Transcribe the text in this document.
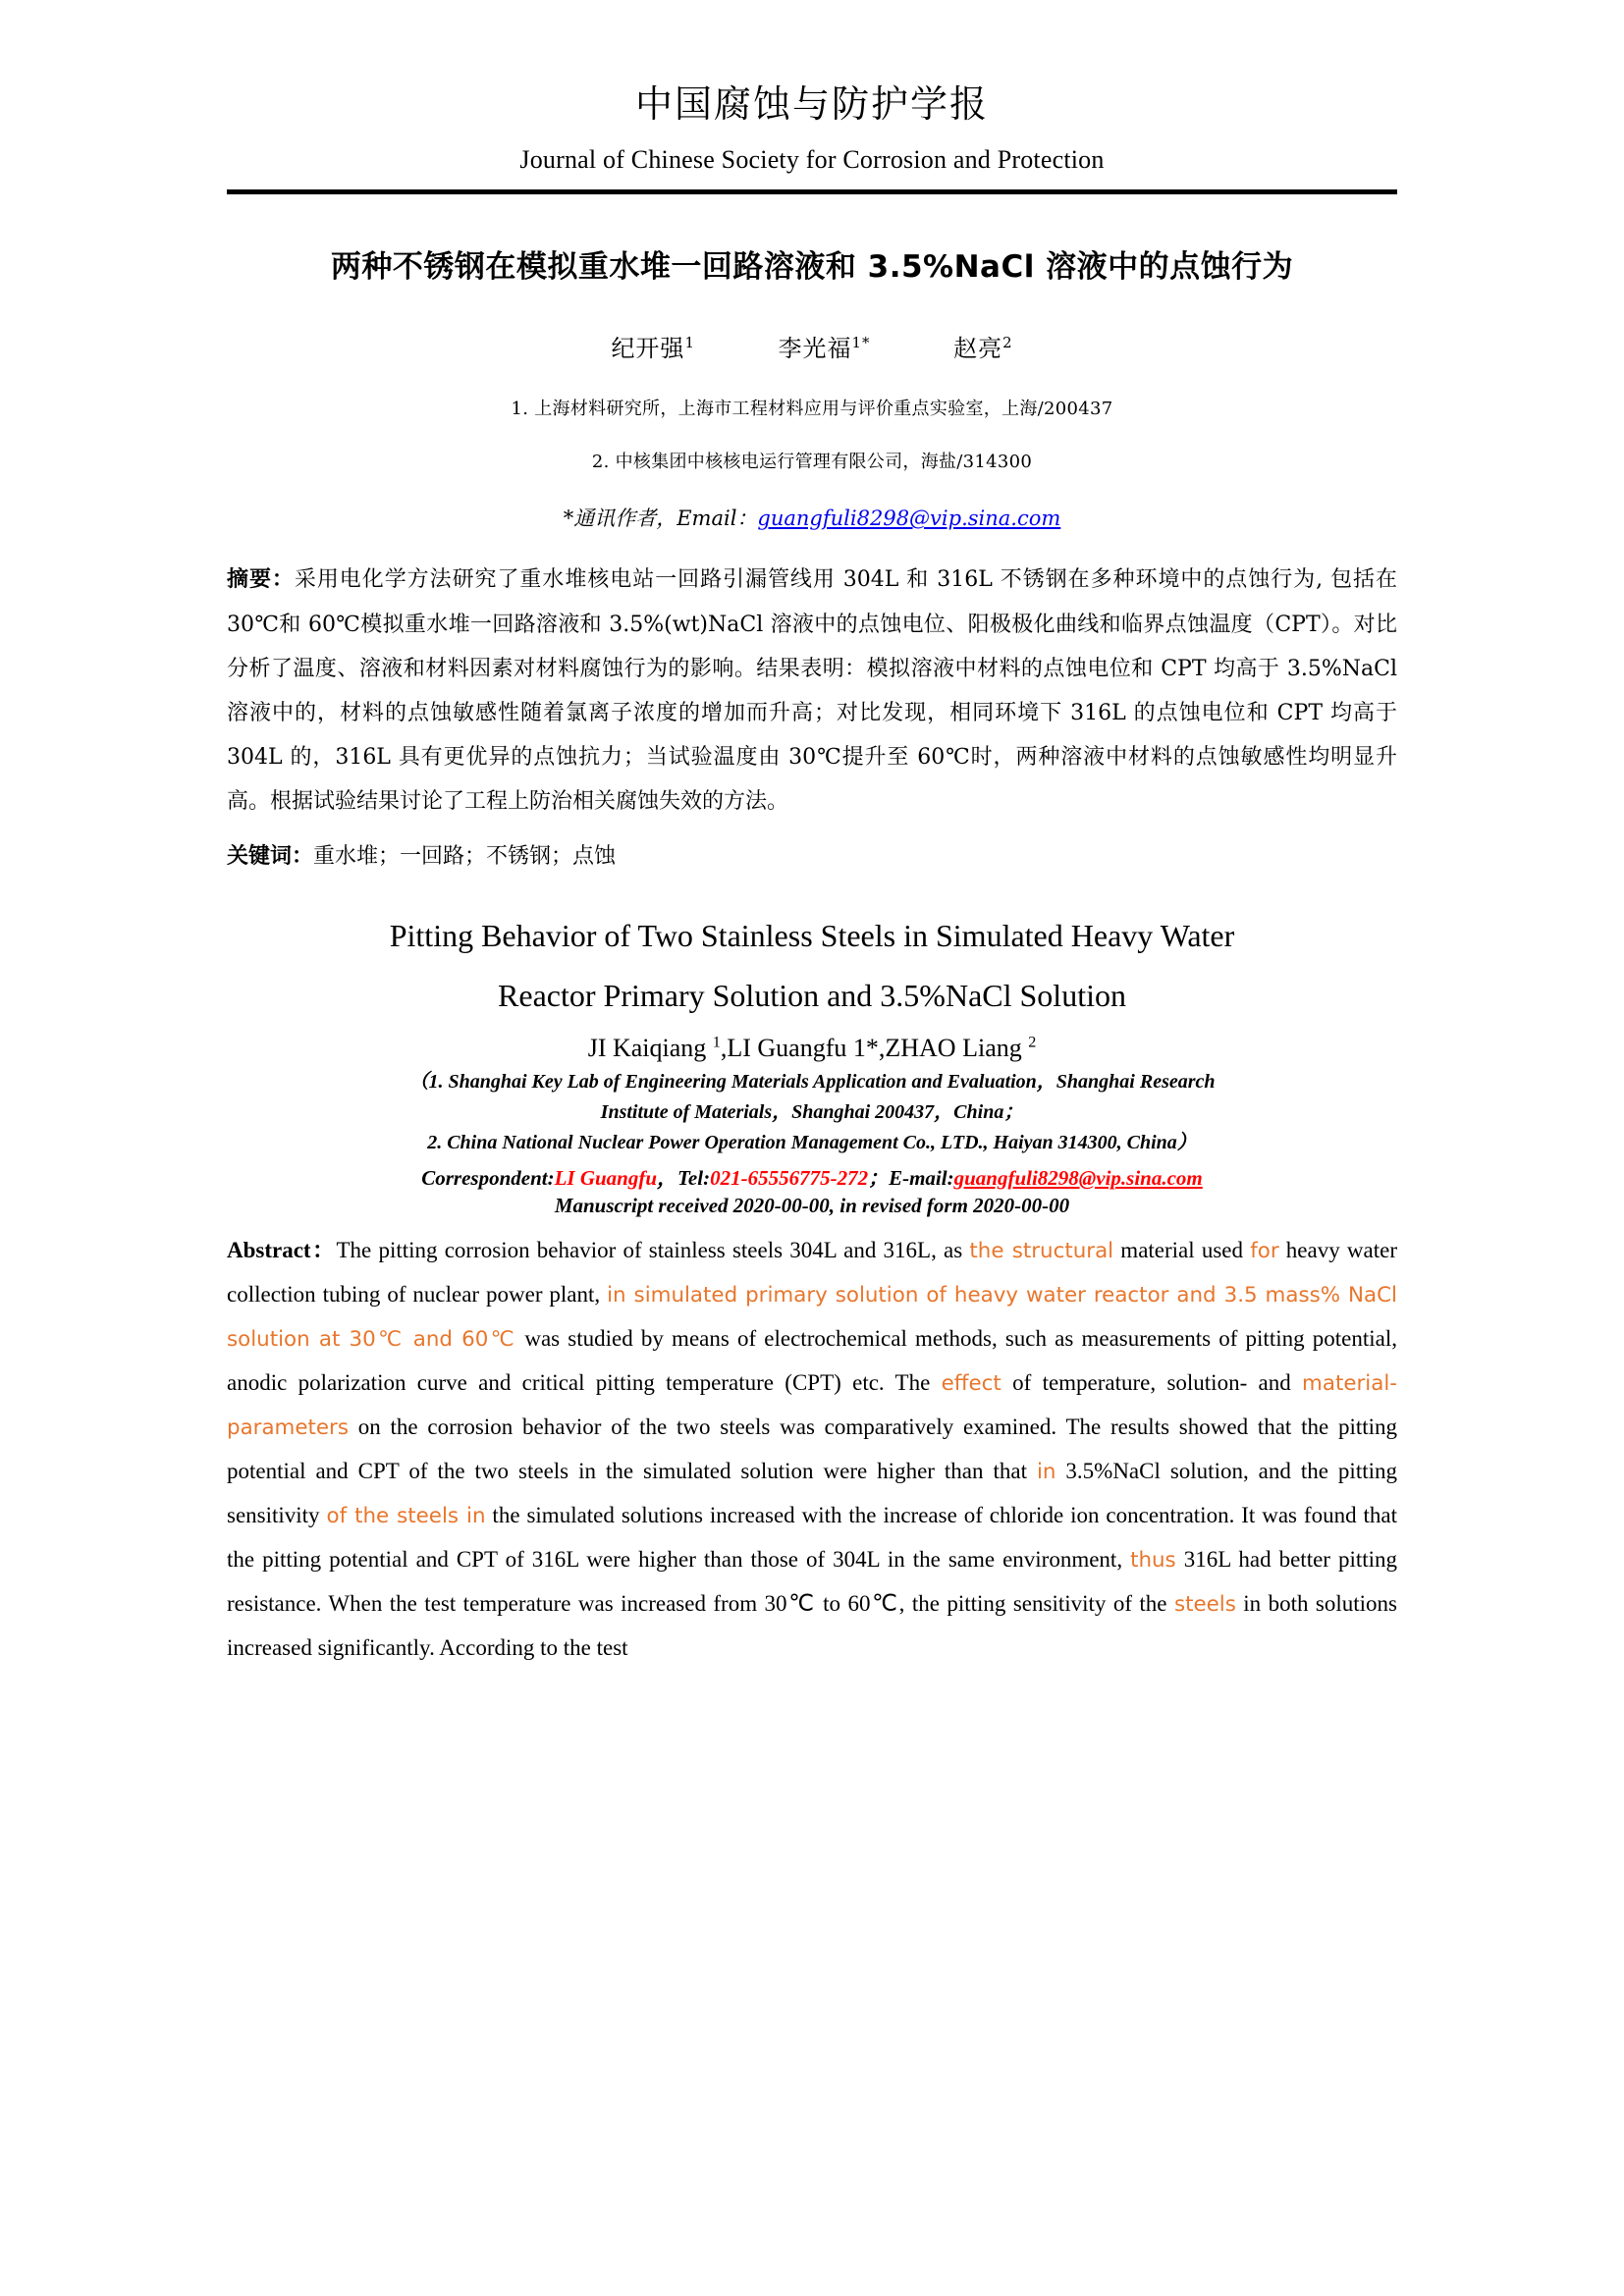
中国腐蚀与防护学报
Journal of Chinese Society for Corrosion and Protection
两种不锈钢在模拟重水堆一回路溶液和 3.5%NaCl 溶液中的点蚀行为
纪开强$^1$	李光福$^{1*}$	赵亮$^2$
1. 上海材料研究所，上海市工程材料应用与评价重点实验室，上海/200437
2. 中核集团中核核电运行管理有限公司，海盐/314300
*通讯作者，Email：guangfuli8298@vip.sina.com
摘要：采用电化学方法研究了重水堆核电站一回路引漏管线用 304L 和 316L 不锈钢在多种环境中的点蚀行为, 包括在 30℃和 60℃模拟重水堆一回路溶液和 3.5%(wt)NaCl 溶液中的点蚀电位、阳极极化曲线和临界点蚀温度（CPT）。对比分析了温度、溶液和材料因素对材料腐蚀行为的影响。结果表明：模拟溶液中材料的点蚀电位和 CPT 均高于 3.5%NaCl 溶液中的，材料的点蚀敏感性随着氯离子浓度的增加而升高；对比发现，相同环境下 316L 的点蚀电位和 CPT 均高于 304L 的，316L 具有更优异的点蚀抗力；当试验温度由 30℃提升至 60℃时，两种溶液中材料的点蚀敏感性均明显升高。根据试验结果讨论了工程上防治相关腐蚀失效的方法。
关键词：重水堆；一回路；不锈钢；点蚀
Pitting Behavior of Two Stainless Steels in Simulated Heavy Water
Reactor Primary Solution and 3.5%NaCl Solution
JI Kaiqiang $^1$,LI Guangfu 1*,ZHAO Liang $^2$
（1. Shanghai Key Lab of Engineering Materials Application and Evaluation，Shanghai Research
Institute of Materials，Shanghai 200437，China；
2. China National Nuclear Power Operation Management Co., LTD., Haiyan 314300, China）
Correspondent:LI Guangfu，Tel:021-65556775-272；E-mail:guangfuli8298@vip.sina.com
Manuscript received 2020-00-00, in revised form 2020-00-00
Abstract：The pitting corrosion behavior of stainless steels 304L and 316L, as the structural material used for heavy water collection tubing of nuclear power plant, in simulated primary solution of heavy water reactor and 3.5 mass% NaCl solution at 30℃ and 60℃ was studied by means of electrochemical methods, such as measurements of pitting potential, anodic polarization curve and critical pitting temperature (CPT) etc. The effect of temperature, solution- and material-parameters on the corrosion behavior of the two steels was comparatively examined. The results showed that the pitting potential and CPT of the two steels in the simulated solution were higher than that in 3.5%NaCl solution, and the pitting sensitivity of the steels in the simulated solutions increased with the increase of chloride ion concentration. It was found that the pitting potential and CPT of 316L were higher than those of 304L in the same environment, thus 316L had better pitting resistance. When the test temperature was increased from 30℃ to 60℃, the pitting sensitivity of the steels in both solutions increased significantly. According to the test
